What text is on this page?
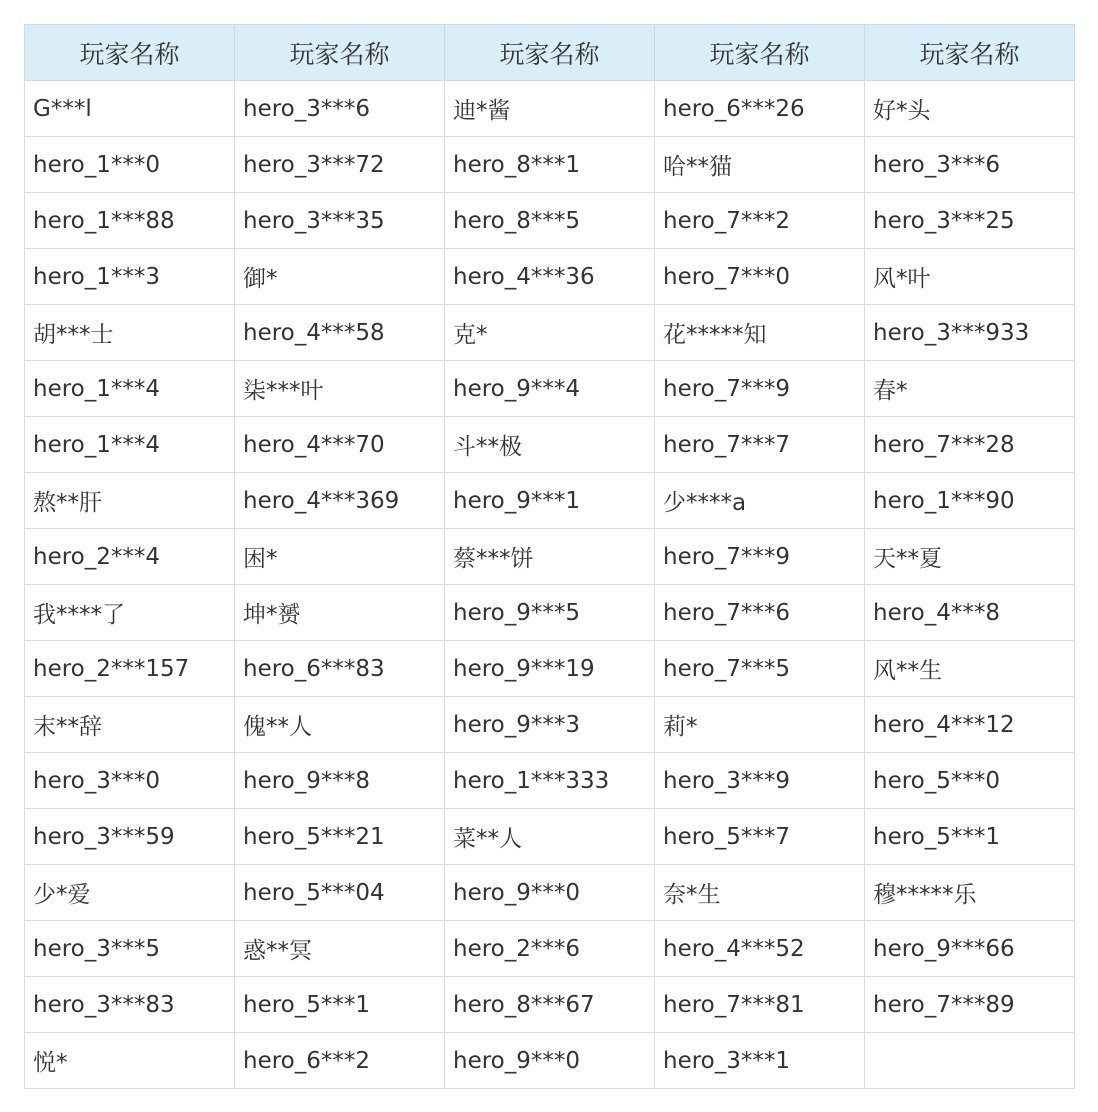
玩家名称	玩家名称	玩家名称	玩家名称	玩家名称
G***l	hero_3***6	迪*酱	hero_6***26	好*头
hero_1***0	hero_3***72	hero_8***1	哈**猫	hero_3***6
hero_1***88	hero_3***35	hero_8***5	hero_7***2	hero_3***25
hero_1***3	御*	hero_4***36	hero_7***0	风*叶
胡***士	hero_4***58	克*	花*****知	hero_3***933
hero_1***4	柒***叶	hero_9***4	hero_7***9	春*
hero_1***4	hero_4***70	斗**极	hero_7***7	hero_7***28
熬**肝	hero_4***369	hero_9***1	少****a	hero_1***90
hero_2***4	困*	蔡***饼	hero_7***9	天**夏
我****了	坤*赟	hero_9***5	hero_7***6	hero_4***8
hero_2***157	hero_6***83	hero_9***19	hero_7***5	风**生
末**辞	傀**人	hero_9***3	莉*	hero_4***12
hero_3***0	hero_9***8	hero_1***333	hero_3***9	hero_5***0
hero_3***59	hero_5***21	菜**人	hero_5***7	hero_5***1
少*爱	hero_5***04	hero_9***0	奈*生	穆*****乐
hero_3***5	惑**冥	hero_2***6	hero_4***52	hero_9***66
hero_3***83	hero_5***1	hero_8***67	hero_7***81	hero_7***89
悦*	hero_6***2	hero_9***0	hero_3***1	
